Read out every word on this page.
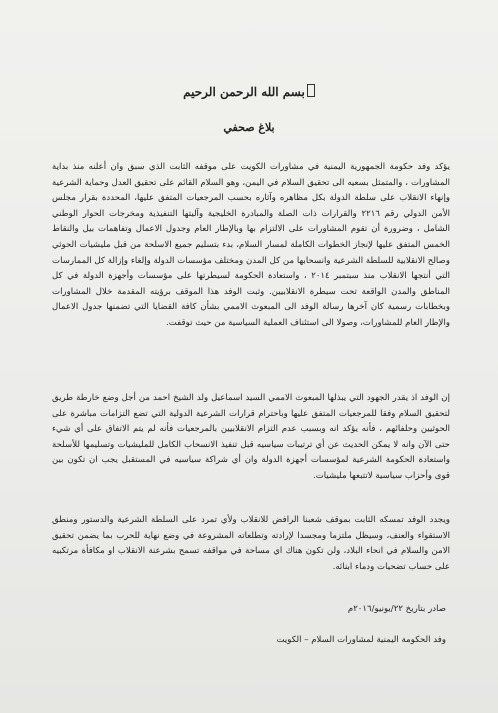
بسم الله الرحمن الرحيم
بلاغ صحفي

يؤكد وفد حكومة الجمهورية اليمنية في مشاورات الكويت على موقفه الثابت الذي سبق وان أعلنه منذ بداية المشاورات ، والمتمثل بسعيه الى تحقيق السلام في اليمن، وهو السلام القائم على تحقيق العدل وحماية الشرعية وإنهاء الانقلاب على سلطة الدولة بكل مظاهره وآثاره بحسب المرجعيات المتفق عليها، المحددة بقرار مجلس الأمن الدولي رقم ٢٢١٦ والقرارات ذات الصلة والمبادرة الخليجية وآليتها التنفيذية ومخرجات الحوار الوطني الشامل ، وضرورة أن تقوم المشاورات على الالتزام بها وبالإطار العام وجدول الاعمال وتفاهمات بيل والنقاط الخمس المتفق عليها لإنجاز الخطوات الكاملة لمسار السلام، بدء بتسليم جميع الاسلحة من قبل مليشيات الحوثي وصالح الانقلابية للسلطة الشرعية وانسحابها من كل المدن ومختلف مؤسسات الدولة وإلغاء وإزالة كل الممارسات التي أنتجها الانقلاب منذ سبتمبر ٢٠١٤ ، واستعادة الحكومة لسيطرتها على مؤسسات وأجهزة الدولة في كل المناطق والمدن الواقعة تحت سيطرة الانقلابيين. وثبت الوفد هذا الموقف برؤيته المقدمة خلال المشاورات وبخطابات رسمية كان آخرها رسالة الوفد الى المبعوث الاممي بشأن كافة القضايا التي تضمنها جدول الاعمال والإطار العام للمشاورات، وصولا الى استئناف العملية السياسية من حيث توقفت.

إن الوفد اذ يقدر الجهود التي يبذلها المبعوث الاممي السيد اسماعيل ولد الشيخ احمد من أجل وضع خارطة طريق لتحقيق السلام وفقا للمرجعيات المتفق عليها وباحترام قرارات الشرعية الدولية التي تضع التزامات مباشرة على الحوثيين وحلفائهم ، فأنه يؤكد انه وبسبب عدم التزام الانقلابيين بالمرجعيات فأنه لم يتم الاتفاق على أي شيء حتى الآن وانه لا يمكن الحديث عن أي ترتيبات سياسيه قبل تنفيذ الانسحاب الكامل للمليشيات وتسليمها للأسلحة واستعادة الحكومة الشرعية لمؤسسات أجهزة الدولة وان أي شراكة سياسيه في المستقبل يجب ان تكون بين قوى وأحزاب سياسية لاتتبعها مليشيات.

ويجدد الوفد تمسكه الثابت بموقف شعبنا الرافض للانقلاب ولأي تمرد على السلطة الشرعية والدستور ومنطق الاستقواء والعنف، وسيظل ملتزما ومجسدا لإرادته وتطلعاته المشروعة في وضع نهاية للحرب بما يضمن تحقيق الامن والسلام في انحاء البلاد، ولن تكون هناك اي مساحة في مواقفه تسمح بشرعنة الانقلاب او مكافأة مرتكبيه على حساب تضحيات ودماء ابنائه.

صادر بتاريخ ٢٢/يونيو/٢٠١٦م
وفد الحكومة اليمنية لمشاورات السلام – الكويت
